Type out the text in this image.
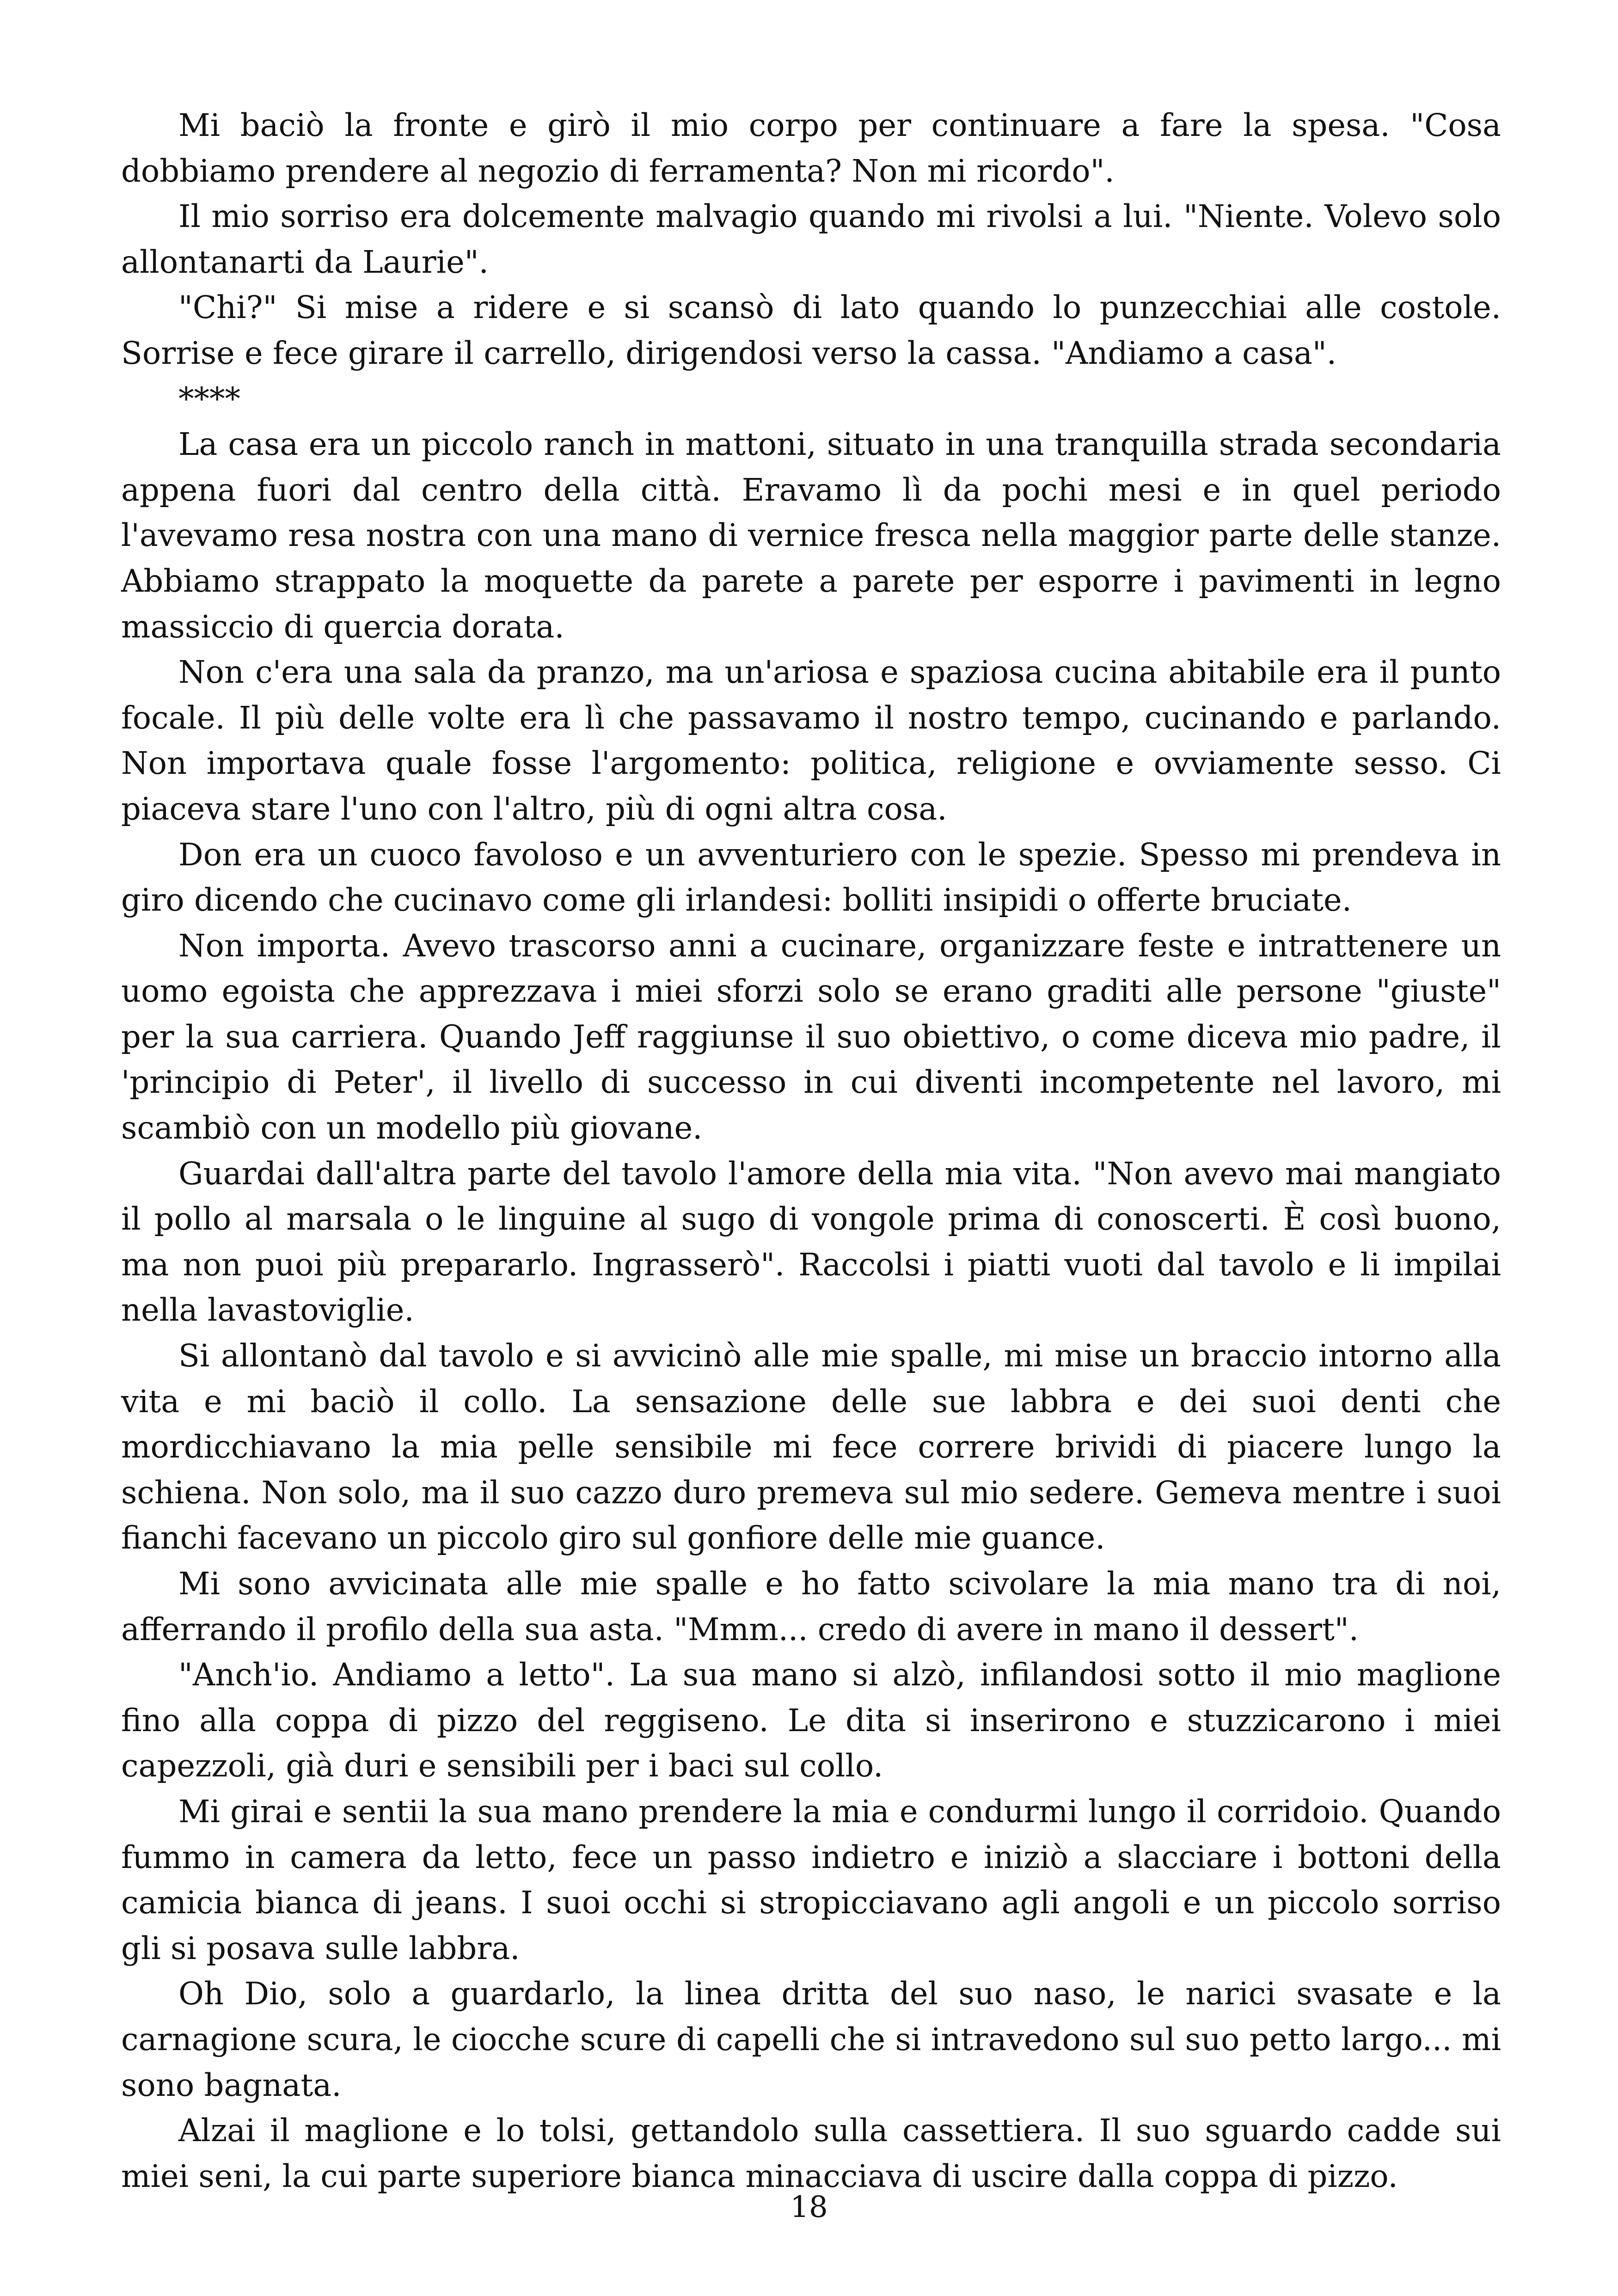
Mi baciò la fronte e girò il mio corpo per continuare a fare la spesa. "Cosa dobbiamo prendere al negozio di ferramenta? Non mi ricordo".

Il mio sorriso era dolcemente malvagio quando mi rivolsi a lui. "Niente. Volevo solo allontanarti da Laurie".

"Chi?" Si mise a ridere e si scansò di lato quando lo punzecchiai alle costole. Sorrise e fece girare il carrello, dirigendosi verso la cassa. "Andiamo a casa".

****

La casa era un piccolo ranch in mattoni, situato in una tranquilla strada secondaria appena fuori dal centro della città. Eravamo lì da pochi mesi e in quel periodo l'avevamo resa nostra con una mano di vernice fresca nella maggior parte delle stanze. Abbiamo strappato la moquette da parete a parete per esporre i pavimenti in legno massiccio di quercia dorata.

Non c'era una sala da pranzo, ma un'ariosa e spaziosa cucina abitabile era il punto focale. Il più delle volte era lì che passavamo il nostro tempo, cucinando e parlando. Non importava quale fosse l'argomento: politica, religione e ovviamente sesso. Ci piaceva stare l'uno con l'altro, più di ogni altra cosa.

Don era un cuoco favoloso e un avventuriero con le spezie. Spesso mi prendeva in giro dicendo che cucinavo come gli irlandesi: bolliti insipidi o offerte bruciate.

Non importa. Avevo trascorso anni a cucinare, organizzare feste e intrattenere un uomo egoista che apprezzava i miei sforzi solo se erano graditi alle persone "giuste" per la sua carriera. Quando Jeff raggiunse il suo obiettivo, o come diceva mio padre, il 'principio di Peter', il livello di successo in cui diventi incompetente nel lavoro, mi scambiò con un modello più giovane.

Guardai dall'altra parte del tavolo l'amore della mia vita. "Non avevo mai mangiato il pollo al marsala o le linguine al sugo di vongole prima di conoscerti. È così buono, ma non puoi più prepararlo. Ingrasserò". Raccolsi i piatti vuoti dal tavolo e li impilai nella lavastoviglie.

Si allontanò dal tavolo e si avvicinò alle mie spalle, mi mise un braccio intorno alla vita e mi baciò il collo. La sensazione delle sue labbra e dei suoi denti che mordicchiavano la mia pelle sensibile mi fece correre brividi di piacere lungo la schiena. Non solo, ma il suo cazzo duro premeva sul mio sedere. Gemeva mentre i suoi fianchi facevano un piccolo giro sul gonfiore delle mie guance.

Mi sono avvicinata alle mie spalle e ho fatto scivolare la mia mano tra di noi, afferrando il profilo della sua asta. "Mmm... credo di avere in mano il dessert".

"Anch'io. Andiamo a letto". La sua mano si alzò, infilandosi sotto il mio maglione fino alla coppa di pizzo del reggiseno. Le dita si inserirono e stuzzicarono i miei capezzoli, già duri e sensibili per i baci sul collo.

Mi girai e sentii la sua mano prendere la mia e condurmi lungo il corridoio. Quando fummo in camera da letto, fece un passo indietro e iniziò a slacciare i bottoni della camicia bianca di jeans. I suoi occhi si stropicciavano agli angoli e un piccolo sorriso gli si posava sulle labbra.

Oh Dio, solo a guardarlo, la linea dritta del suo naso, le narici svasate e la carnagione scura, le ciocche scure di capelli che si intravedono sul suo petto largo... mi sono bagnata.

Alzai il maglione e lo tolsi, gettandolo sulla cassettiera. Il suo sguardo cadde sui miei seni, la cui parte superiore bianca minacciava di uscire dalla coppa di pizzo.

18
